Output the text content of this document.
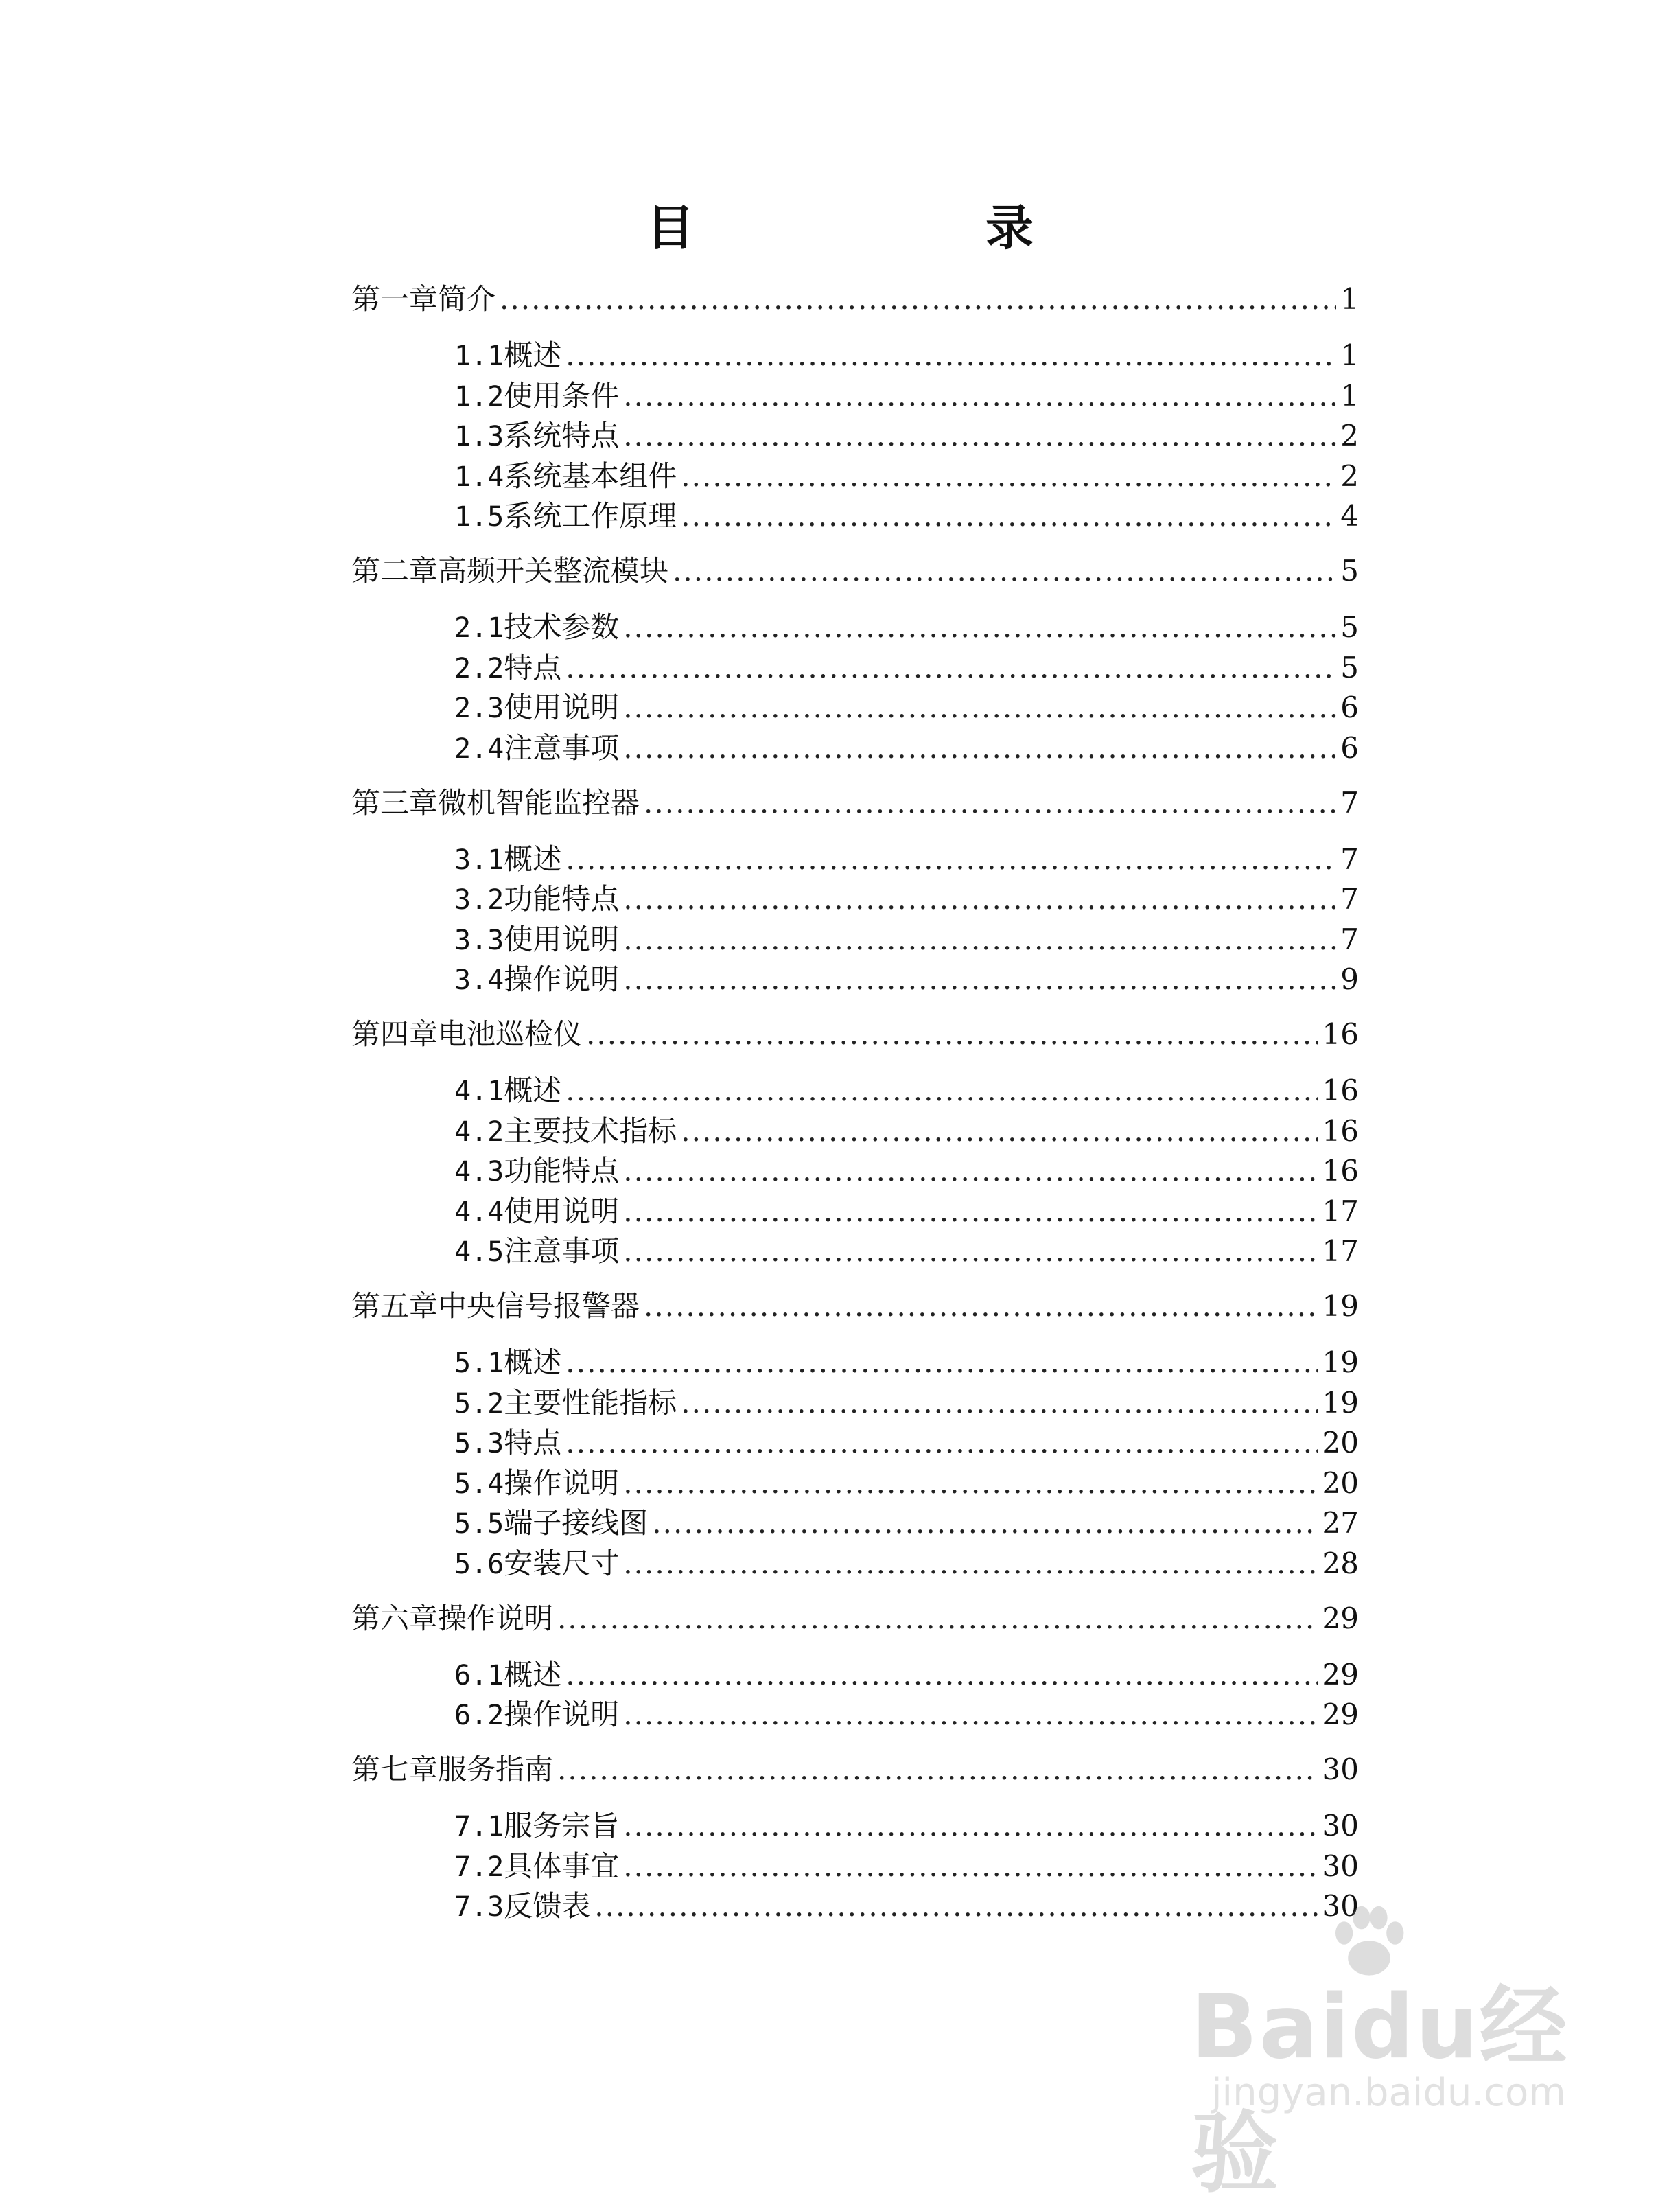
目 录
第一章 简介 .....	1
1.1 概述 .....	1
1.2 使用条件 .....	1
1.3 系统特点 .....	2
1.4 系统基本组件 .....	2
1.5 系统工作原理 .....	4
第二章 高频开关整流模块 .....	5
2.1 技术参数 .....	5
2.2 特点 .....	5
2.3 使用说明 .....	6
2.4 注意事项 .....	6
第三章 微机智能监控器 .....	7
3.1 概述 .....	7
3.2 功能特点 .....	7
3.3 使用说明 .....	7
3.4 操作说明 .....	9
第四章 电池巡检仪 .....	16
4.1 概述 .....	16
4.2 主要技术指标 .....	16
4.3 功能特点 .....	16
4.4 使用说明 .....	17
4.5 注意事项 .....	17
第五章 中央信号报警器 .....	19
5.1 概述 .....	19
5.2 主要性能指标 .....	19
5.3 特点 .....	20
5.4 操作说明 .....	20
5.5 端子接线图 .....	27
5.6 安装尺寸 .....	28
第六章 操作说明 .....	29
6.1 概述 .....	29
6.2 操作说明 .....	29
第七章 服务指南 .....	30
7.1 服务宗旨 .....	30
7.2 具体事宜 .....	30
7.3 反馈表 .....	30
Baidu经验
jingyan.baidu.com
